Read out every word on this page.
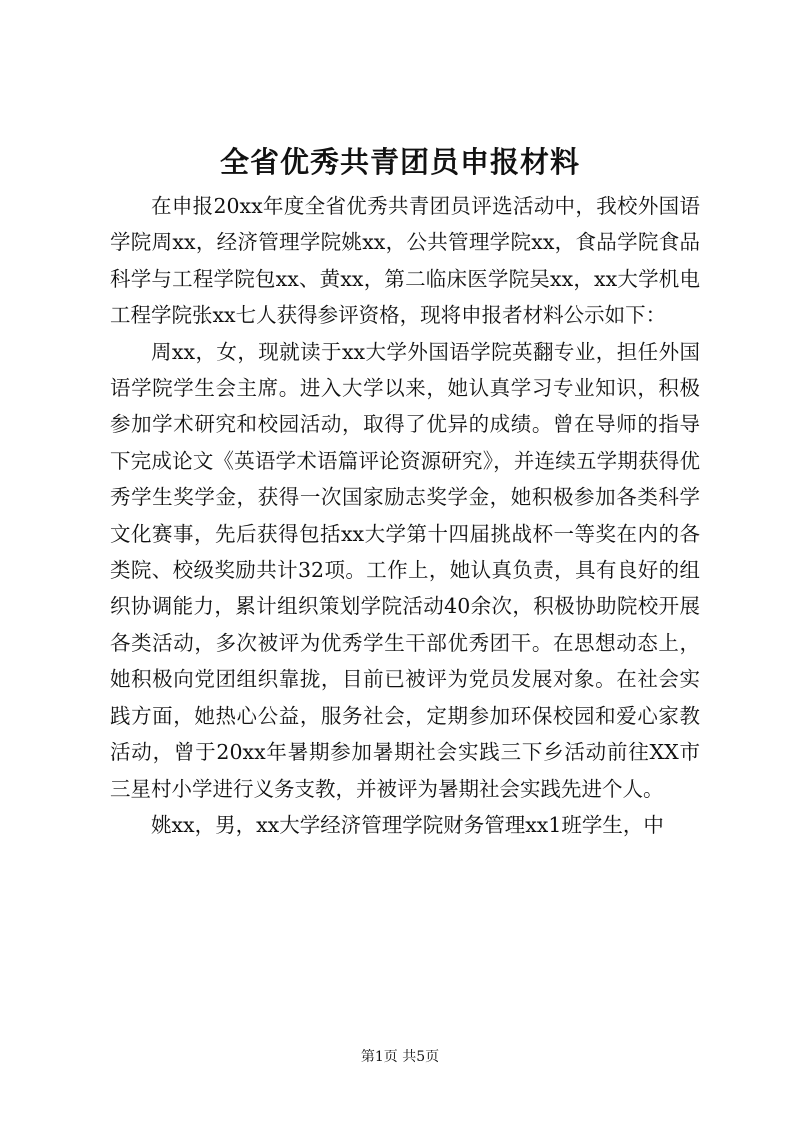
全省优秀共青团员申报材料

在申报20xx年度全省优秀共青团员评选活动中，我校外国语学院周xx，经济管理学院姚xx，公共管理学院xx，食品学院食品科学与工程学院包xx、黄xx，第二临床医学院吴xx，xx大学机电工程学院张xx七人获得参评资格，现将申报者材料公示如下：

周xx，女，现就读于xx大学外国语学院英翻专业，担任外国语学院学生会主席。进入大学以来，她认真学习专业知识，积极参加学术研究和校园活动，取得了优异的成绩。曾在导师的指导下完成论文《英语学术语篇评论资源研究》，并连续五学期获得优秀学生奖学金，获得一次国家励志奖学金，她积极参加各类科学文化赛事，先后获得包括xx大学第十四届挑战杯一等奖在内的各类院、校级奖励共计32项。工作上，她认真负责，具有良好的组织协调能力，累计组织策划学院活动40余次，积极协助院校开展各类活动，多次被评为优秀学生干部优秀团干。在思想动态上，她积极向党团组织靠拢，目前已被评为党员发展对象。在社会实践方面，她热心公益，服务社会，定期参加环保校园和爱心家教活动，曾于20xx年暑期参加暑期社会实践三下乡活动前往XX市三星村小学进行义务支教，并被评为暑期社会实践先进个人。

姚xx，男，xx大学经济管理学院财务管理xx1班学生，中

第1页 共5页
